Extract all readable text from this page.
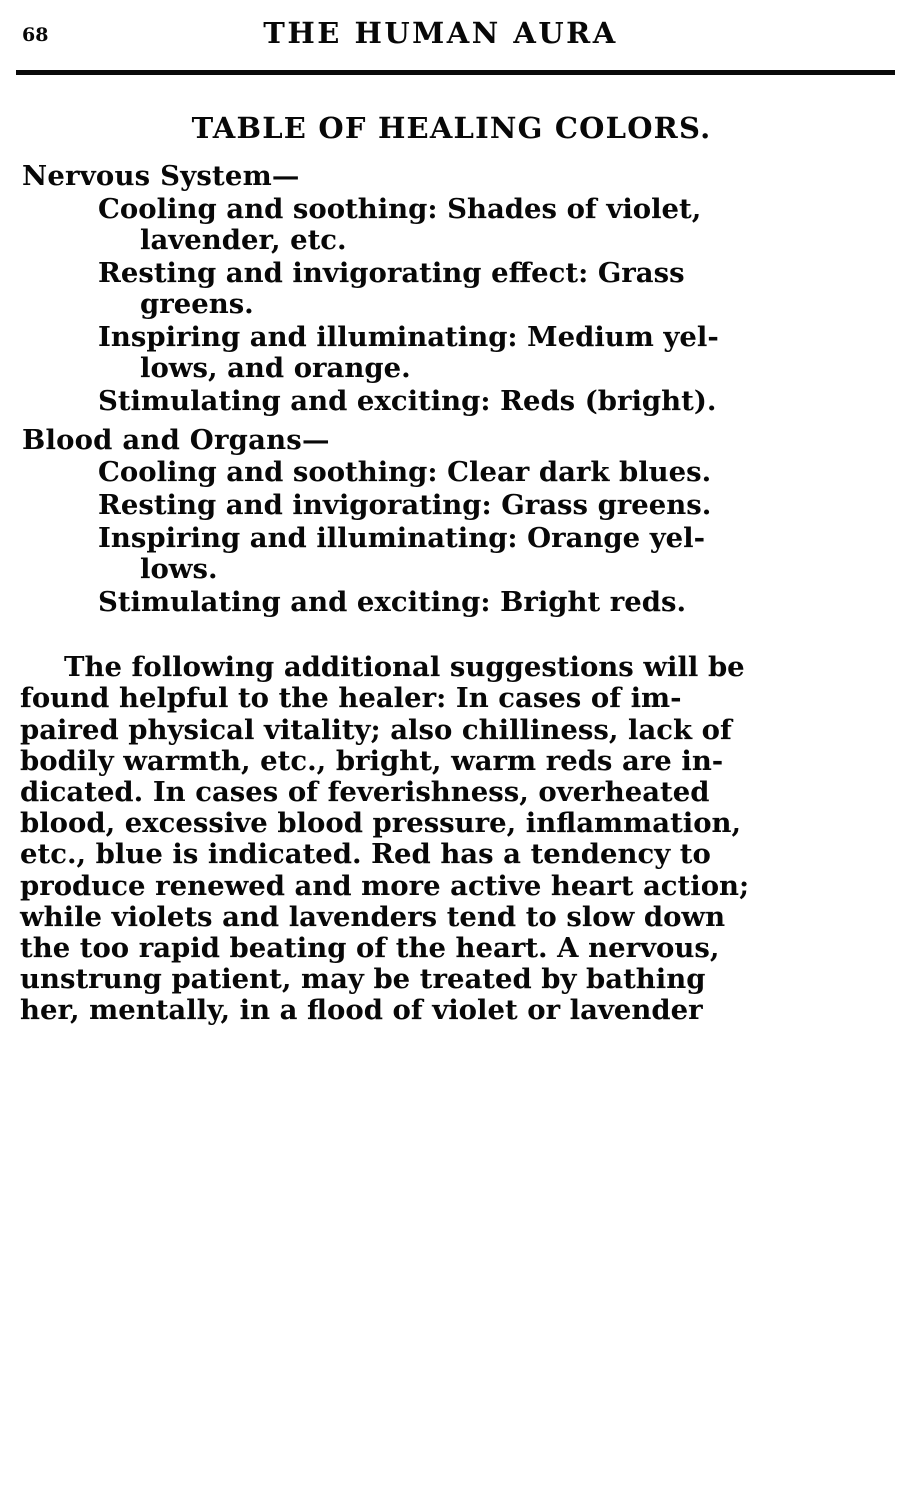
68	THE HUMAN AURA
TABLE OF HEALING COLORS.
Nervous System—
Cooling and soothing: Shades of violet,
lavender, etc.
Resting and invigorating effect: Grass
greens.
Inspiring and illuminating: Medium yel-
lows, and orange.
Stimulating and exciting: Reds (bright).
Blood and Organs—
Cooling and soothing: Clear dark blues.
Resting and invigorating: Grass greens.
Inspiring and illuminating: Orange yel-
lows.
Stimulating and exciting: Bright reds.
The following additional suggestions will be
found helpful to the healer: In cases of im-
paired physical vitality; also chilliness, lack of
bodily warmth, etc., bright, warm reds are in-
dicated. In cases of feverishness, overheated
blood, excessive blood pressure, inflammation,
etc., blue is indicated. Red has a tendency to
produce renewed and more active heart action;
while violets and lavenders tend to slow down
the too rapid beating of the heart. A nervous,
unstrung patient, may be treated by bathing
her, mentally, in a flood of violet or lavender
